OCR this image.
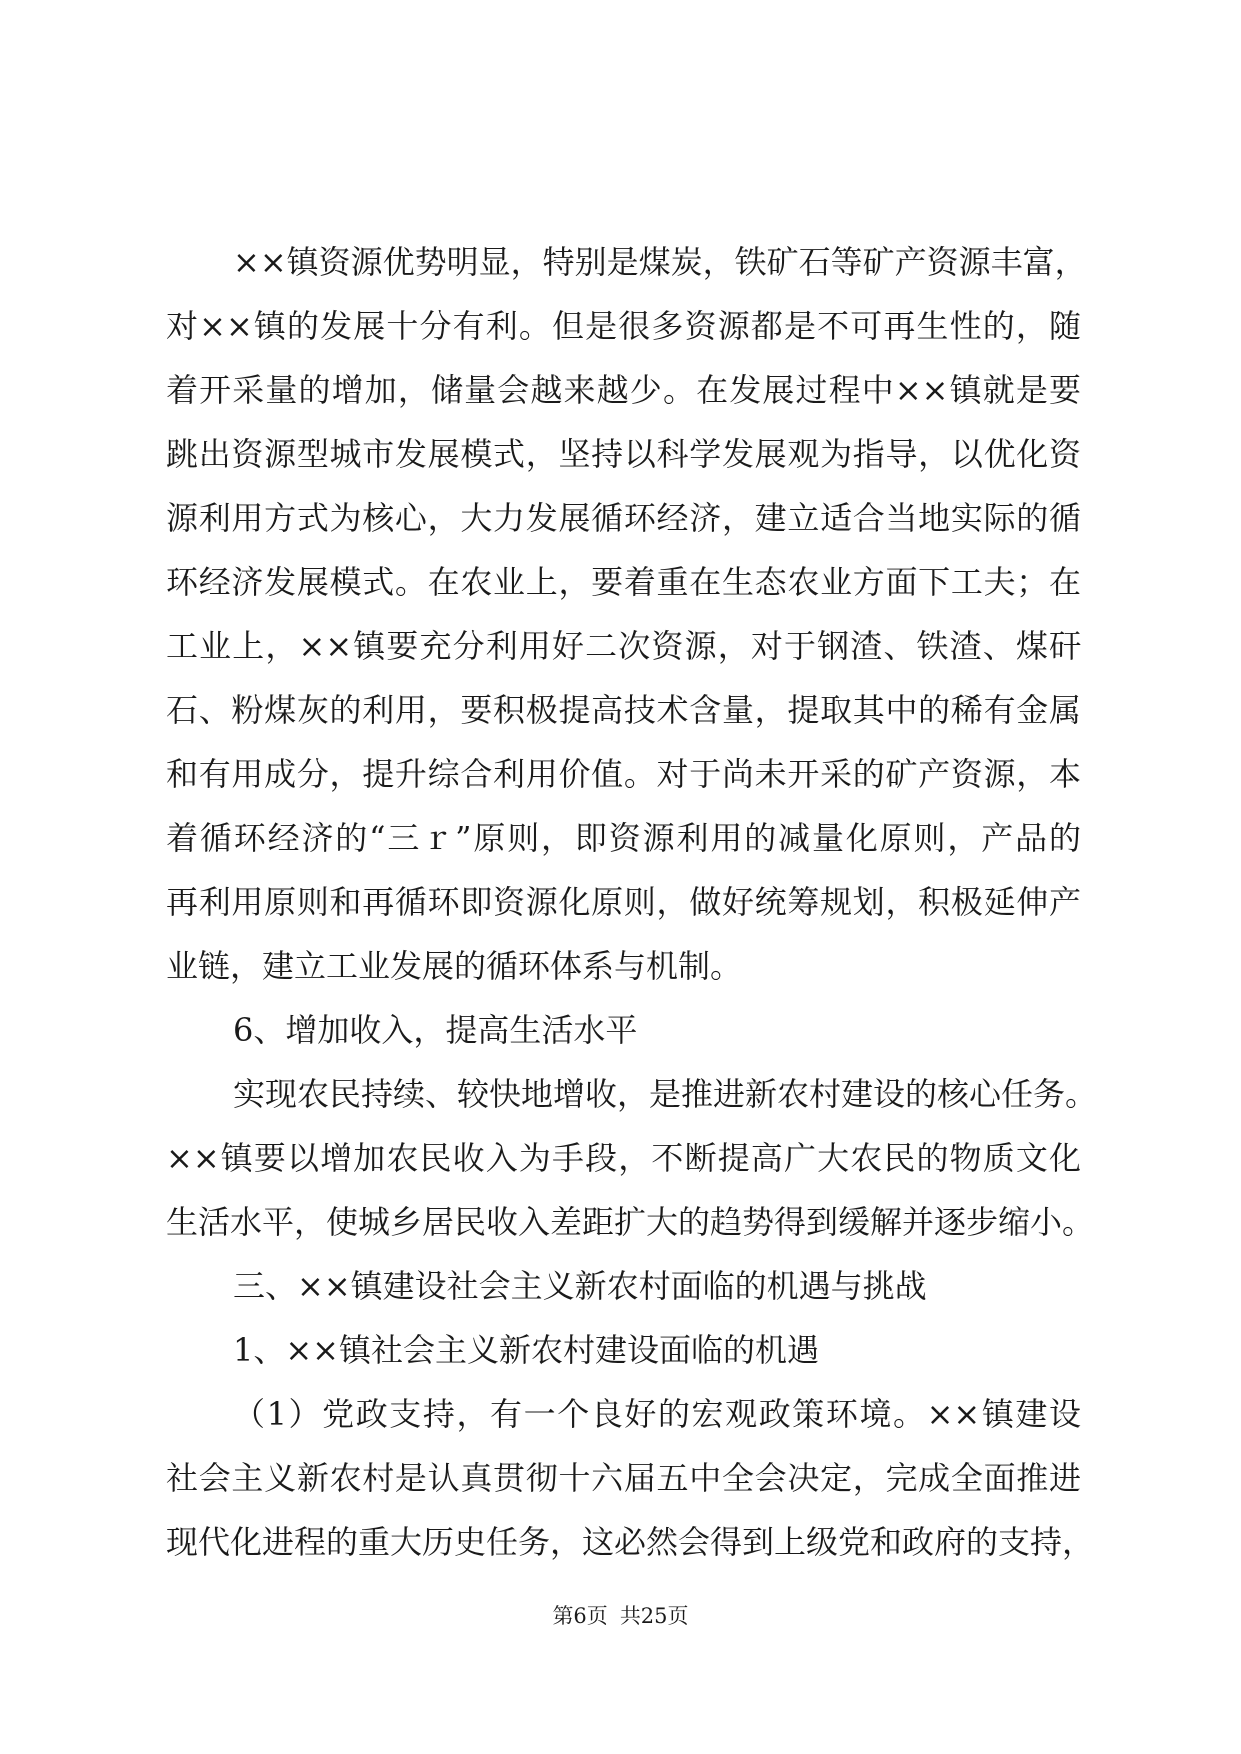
××镇资源优势明显，特别是煤炭，铁矿石等矿产资源丰富，
对××镇的发展十分有利。但是很多资源都是不可再生性的，随
着开采量的增加，储量会越来越少。在发展过程中××镇就是要
跳出资源型城市发展模式，坚持以科学发展观为指导，以优化资
源利用方式为核心，大力发展循环经济，建立适合当地实际的循
环经济发展模式。在农业上，要着重在生态农业方面下工夫；在
工业上，××镇要充分利用好二次资源，对于钢渣、铁渣、煤矸
石、粉煤灰的利用，要积极提高技术含量，提取其中的稀有金属
和有用成分，提升综合利用价值。对于尚未开采的矿产资源，本
着循环经济的“三ｒ”原则，即资源利用的减量化原则，产品的
再利用原则和再循环即资源化原则，做好统筹规划，积极延伸产
业链，建立工业发展的循环体系与机制。
6、增加收入，提高生活水平
实现农民持续、较快地增收，是推进新农村建设的核心任务。
××镇要以增加农民收入为手段，不断提高广大农民的物质文化
生活水平，使城乡居民收入差距扩大的趋势得到缓解并逐步缩小。
三、××镇建设社会主义新农村面临的机遇与挑战
1、××镇社会主义新农村建设面临的机遇
（1）党政支持，有一个良好的宏观政策环境。××镇建设
社会主义新农村是认真贯彻十六届五中全会决定，完成全面推进
现代化进程的重大历史任务，这必然会得到上级党和政府的支持，
第6页 共25页
